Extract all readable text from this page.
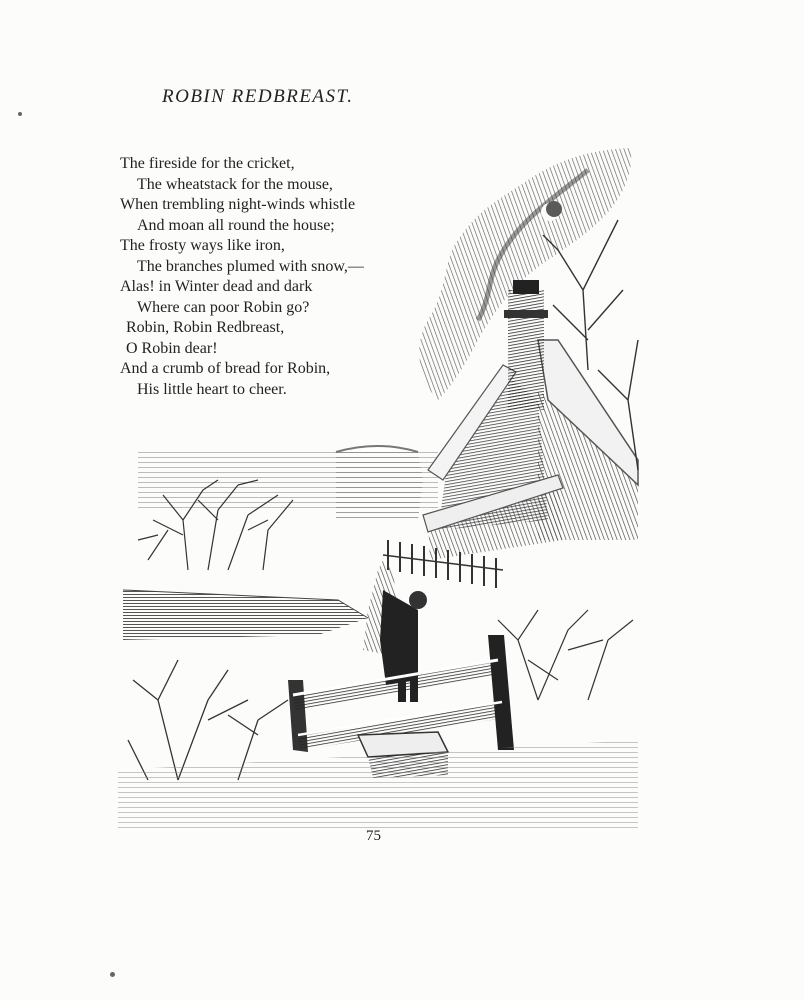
ROBIN REDBREAST.
The fireside for the cricket,
The wheatstack for the mouse,
When trembling night-winds whistle
And moan all round the house;
The frosty ways like iron,
The branches plumed with snow,—
Alas! in Winter dead and dark
Where can poor Robin go?
Robin, Robin Redbreast,
O Robin dear!
And a crumb of bread for Robin,
His little heart to cheer.
75
